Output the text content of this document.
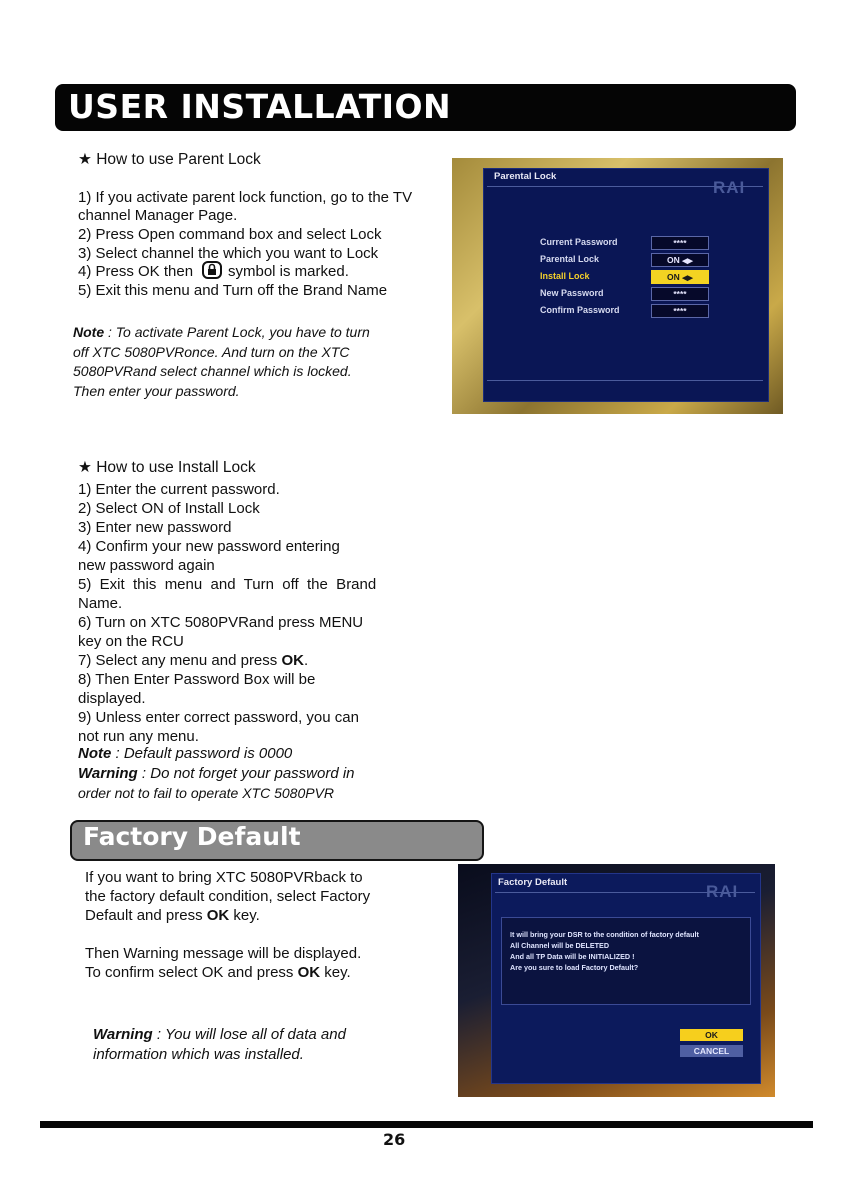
USER INSTALLATION
★ How to use Parent Lock
1) If you activate parent lock function, go to the TV
channel Manager Page.
2) Press Open command box and select Lock
3) Select channel the which you want to Lock
4) Press OK then symbol is marked.
5) Exit this menu and Turn off the Brand Name
Note : To activate Parent Lock, you have to turn
off XTC 5080PVRonce. And turn on the XTC
5080PVRand select channel which is locked.
Then enter your password.
Parental Lock
RAI
Current Password	****
Parental Lock	ON ◀▶
Install Lock	ON ◀▶
New Password	****
Confirm Password	****
★ How to use Install Lock
1) Enter the current password.
2) Select ON of Install Lock
3) Enter new password
4) Confirm your new password entering
new password again
5)  Exit  this  menu  and  Turn  off  the  Brand
Name.
6) Turn on XTC 5080PVRand press MENU
key on the RCU
7) Select any menu and press OK.
8) Then Enter Password Box will be
displayed.
9) Unless enter correct password, you can
not run any menu.
Note : Default password is 0000
Warning : Do not forget your password in
order not to fail to operate XTC 5080PVR
Factory Default
If you want to bring XTC 5080PVRback to
the factory default condition, select Factory
Default and press OK key.
Then Warning message will be displayed.
To confirm select OK and press OK key.
Warning : You will lose all of data and
information which was installed.
Factory Default	RAI
It will bring your DSR to the condition of factory default
All Channel will be DELETED
And all TP Data will be INITIALIZED !
Are you sure to load Factory Default?
OK
CANCEL
26
